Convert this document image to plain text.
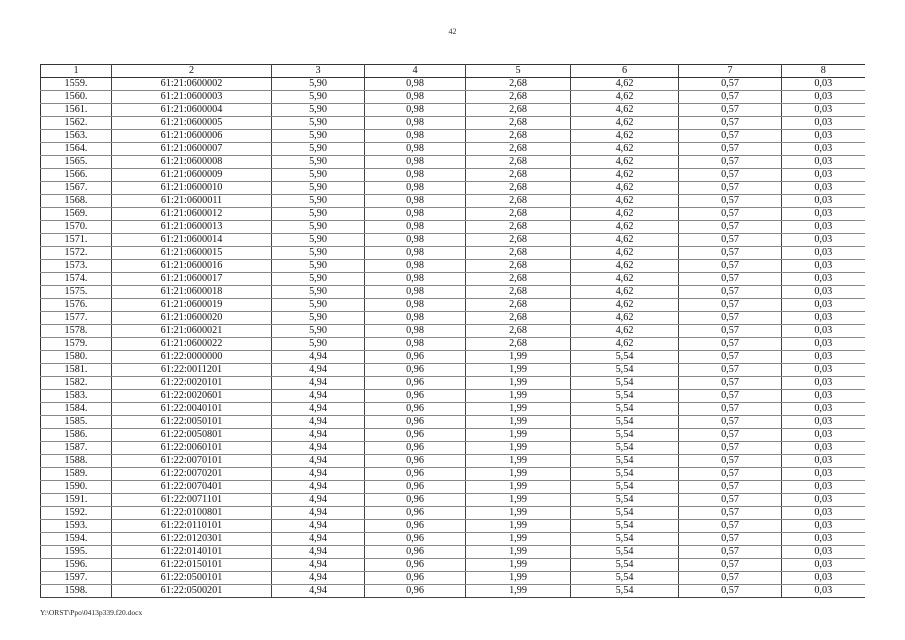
42
1	2	3	4	5	6	7	8
1559.	61:21:0600002	5,90	0,98	2,68	4,62	0,57	0,03
1560.	61:21:0600003	5,90	0,98	2,68	4,62	0,57	0,03
1561.	61:21:0600004	5,90	0,98	2,68	4,62	0,57	0,03
1562.	61:21:0600005	5,90	0,98	2,68	4,62	0,57	0,03
1563.	61:21:0600006	5,90	0,98	2,68	4,62	0,57	0,03
1564.	61:21:0600007	5,90	0,98	2,68	4,62	0,57	0,03
1565.	61:21:0600008	5,90	0,98	2,68	4,62	0,57	0,03
1566.	61:21:0600009	5,90	0,98	2,68	4,62	0,57	0,03
1567.	61:21:0600010	5,90	0,98	2,68	4,62	0,57	0,03
1568.	61:21:0600011	5,90	0,98	2,68	4,62	0,57	0,03
1569.	61:21:0600012	5,90	0,98	2,68	4,62	0,57	0,03
1570.	61:21:0600013	5,90	0,98	2,68	4,62	0,57	0,03
1571.	61:21:0600014	5,90	0,98	2,68	4,62	0,57	0,03
1572.	61:21:0600015	5,90	0,98	2,68	4,62	0,57	0,03
1573.	61:21:0600016	5,90	0,98	2,68	4,62	0,57	0,03
1574.	61:21:0600017	5,90	0,98	2,68	4,62	0,57	0,03
1575.	61:21:0600018	5,90	0,98	2,68	4,62	0,57	0,03
1576.	61:21:0600019	5,90	0,98	2,68	4,62	0,57	0,03
1577.	61:21:0600020	5,90	0,98	2,68	4,62	0,57	0,03
1578.	61:21:0600021	5,90	0,98	2,68	4,62	0,57	0,03
1579.	61:21:0600022	5,90	0,98	2,68	4,62	0,57	0,03
1580.	61:22:0000000	4,94	0,96	1,99	5,54	0,57	0,03
1581.	61:22:0011201	4,94	0,96	1,99	5,54	0,57	0,03
1582.	61:22:0020101	4,94	0,96	1,99	5,54	0,57	0,03
1583.	61:22:0020601	4,94	0,96	1,99	5,54	0,57	0,03
1584.	61:22:0040101	4,94	0,96	1,99	5,54	0,57	0,03
1585.	61:22:0050101	4,94	0,96	1,99	5,54	0,57	0,03
1586.	61:22:0050801	4,94	0,96	1,99	5,54	0,57	0,03
1587.	61:22:0060101	4,94	0,96	1,99	5,54	0,57	0,03
1588.	61:22:0070101	4,94	0,96	1,99	5,54	0,57	0,03
1589.	61:22:0070201	4,94	0,96	1,99	5,54	0,57	0,03
1590.	61:22:0070401	4,94	0,96	1,99	5,54	0,57	0,03
1591.	61:22:0071101	4,94	0,96	1,99	5,54	0,57	0,03
1592.	61:22:0100801	4,94	0,96	1,99	5,54	0,57	0,03
1593.	61:22:0110101	4,94	0,96	1,99	5,54	0,57	0,03
1594.	61:22:0120301	4,94	0,96	1,99	5,54	0,57	0,03
1595.	61:22:0140101	4,94	0,96	1,99	5,54	0,57	0,03
1596.	61:22:0150101	4,94	0,96	1,99	5,54	0,57	0,03
1597.	61:22:0500101	4,94	0,96	1,99	5,54	0,57	0,03
1598.	61:22:0500201	4,94	0,96	1,99	5,54	0,57	0,03
Y:\ORST\Ppo\0413p339.f20.docx
